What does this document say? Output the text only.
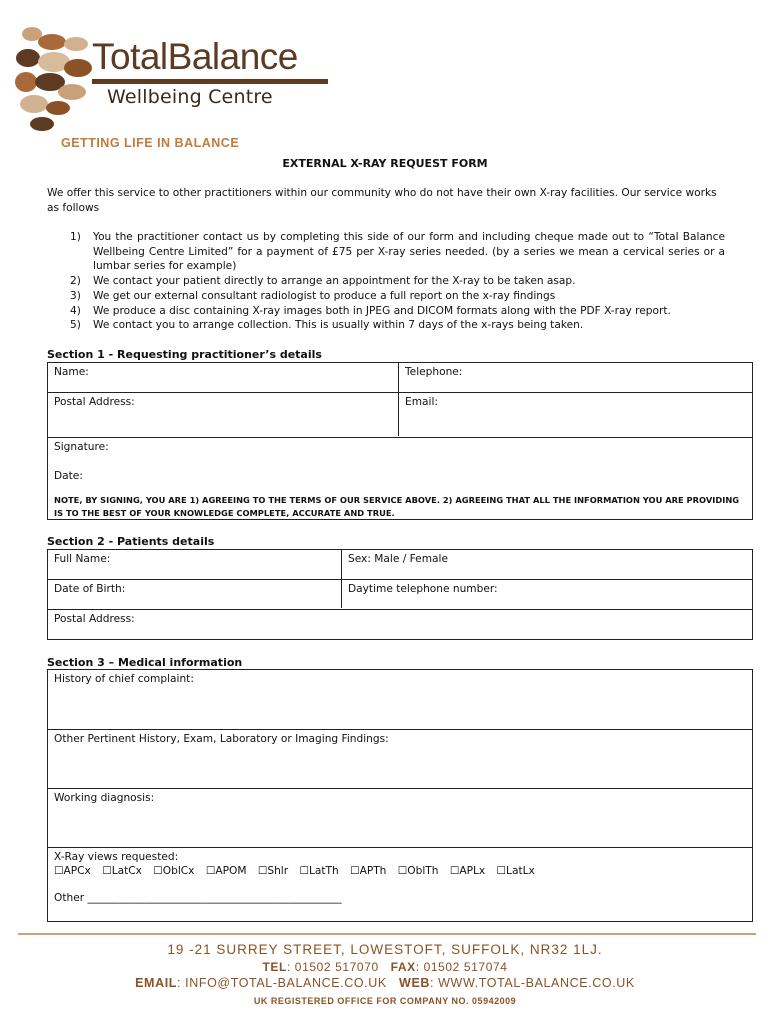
TotalBalance
Wellbeing Centre
GETTING LIFE IN BALANCE
EXTERNAL X-RAY REQUEST FORM
We offer this service to other practitioners within our community who do not have their own X-ray facilities. Our service works as follows
1) You the practitioner contact us by completing this side of our form and including cheque made out to “Total Balance Wellbeing Centre Limited” for a payment of £75 per X-ray series needed. (by a series we mean a cervical series or a lumbar series for example)
2) We contact your patient directly to arrange an appointment for the X-ray to be taken asap.
3) We get our external consultant radiologist to produce a full report on the x-ray findings
4) We produce a disc containing X-ray images both in JPEG and DICOM formats along with the PDF X-ray report.
5) We contact you to arrange collection. This is usually within 7 days of the x-rays being taken.
Section 1 - Requesting practitioner’s details
Name:	Telephone:
Postal Address:	Email:
Signature:
Date:
NOTE, BY SIGNING, YOU ARE 1) AGREEING TO THE TERMS OF OUR SERVICE ABOVE. 2) AGREEING THAT ALL THE INFORMATION YOU ARE PROVIDING IS TO THE BEST OF YOUR KNOWLEDGE COMPLETE, ACCURATE AND TRUE.
Section 2 - Patients details
Full Name:	Sex: Male / Female
Date of Birth:	Daytime telephone number:
Postal Address:
Section 3 – Medical information
History of chief complaint:
Other Pertinent History, Exam, Laboratory or Imaging Findings:
Working diagnosis:
X-Ray views requested:
☐APCx ☐LatCx ☐OblCx ☐APOM ☐Shlr ☐LatTh ☐APTh ☐OblTh ☐APLx ☐LatLx
Other ________________________________________________
19 -21 SURREY STREET, LOWESTOFT, SUFFOLK, NR32 1LJ.
TEL: 01502 517070 FAX: 01502 517074
EMAIL: INFO@TOTAL-BALANCE.CO.UK WEB: WWW.TOTAL-BALANCE.CO.UK
UK REGISTERED OFFICE FOR COMPANY NO. 05942009
